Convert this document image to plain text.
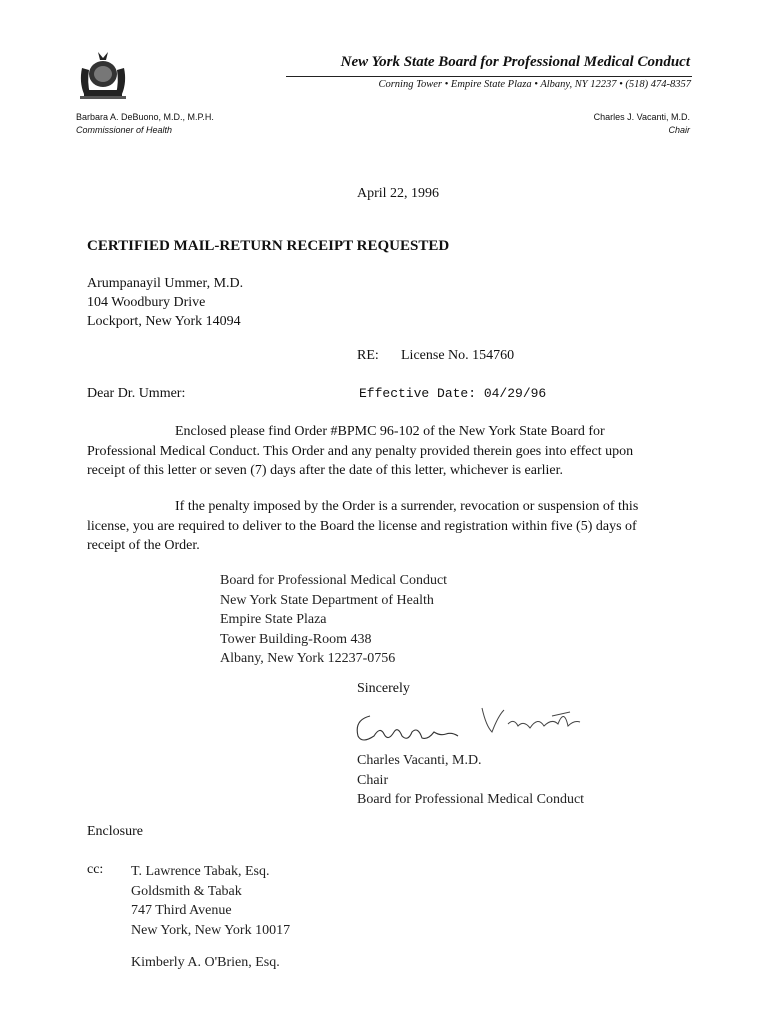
New York State Board for Professional Medical Conduct
Corning Tower • Empire State Plaza • Albany, NY 12237 • (518) 474-8357
Barbara A. DeBuono, M.D., M.P.H.
Commissioner of Health
Charles J. Vacanti, M.D.
Chair
April 22, 1996
CERTIFIED MAIL-RETURN RECEIPT REQUESTED
Arumpanayil Ummer, M.D.
104 Woodbury Drive
Lockport, New York 14094
RE: License No. 154760
Dear Dr. Ummer:	Effective Date: 04/29/96
Enclosed please find Order #BPMC 96-102 of the New York State Board for Professional Medical Conduct. This Order and any penalty provided therein goes into effect upon receipt of this letter or seven (7) days after the date of this letter, whichever is earlier.
If the penalty imposed by the Order is a surrender, revocation or suspension of this license, you are required to deliver to the Board the license and registration within five (5) days of receipt of the Order.
Board for Professional Medical Conduct
New York State Department of Health
Empire State Plaza
Tower Building-Room 438
Albany, New York 12237-0756
Sincerely
Charles Vacanti, M.D.
Chair
Board for Professional Medical Conduct
Enclosure
cc: T. Lawrence Tabak, Esq.
Goldsmith & Tabak
747 Third Avenue
New York, New York 10017
Kimberly A. O'Brien, Esq.
